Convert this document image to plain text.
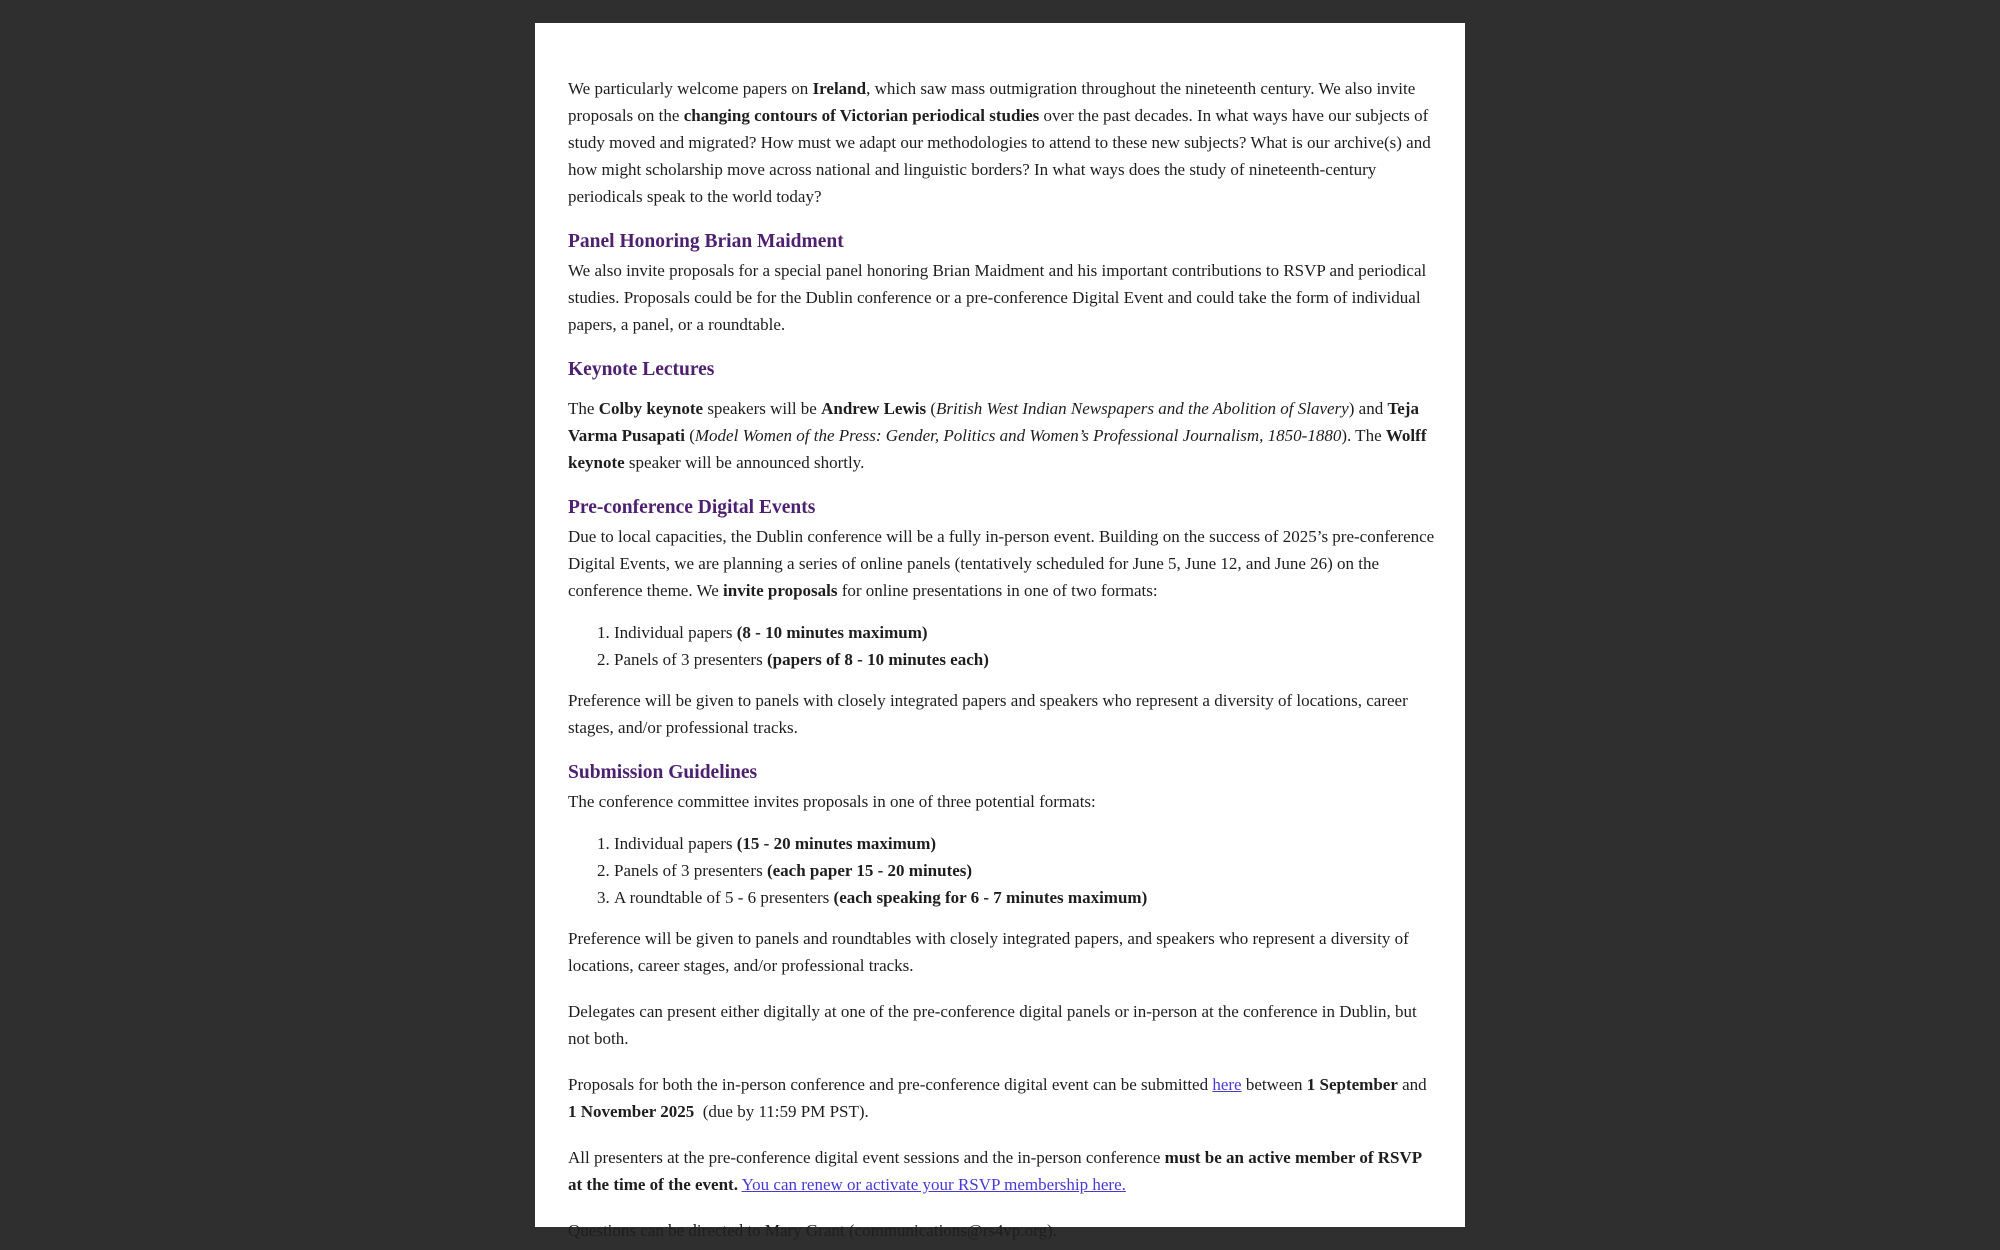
We particularly welcome papers on Ireland, which saw mass outmigration throughout the nineteenth century. We also invite proposals on the changing contours of Victorian periodical studies over the past decades. In what ways have our subjects of study moved and migrated? How must we adapt our methodologies to attend to these new subjects? What is our archive(s) and how might scholarship move across national and linguistic borders? In what ways does the study of nineteenth-century periodicals speak to the world today?

Panel Honoring Brian Maidment

We also invite proposals for a special panel honoring Brian Maidment and his important contributions to RSVP and periodical studies. Proposals could be for the Dublin conference or a pre-conference Digital Event and could take the form of individual papers, a panel, or a roundtable.

Keynote Lectures

The Colby keynote speakers will be Andrew Lewis (British West Indian Newspapers and the Abolition of Slavery) and Teja Varma Pusapati (Model Women of the Press: Gender, Politics and Women’s Professional Journalism, 1850-1880). The Wolff keynote speaker will be announced shortly.

Pre-conference Digital Events

Due to local capacities, the Dublin conference will be a fully in-person event. Building on the success of 2025’s pre-conference Digital Events, we are planning a series of online panels (tentatively scheduled for June 5, June 12, and June 26) on the conference theme. We invite proposals for online presentations in one of two formats:

1. Individual papers (8 - 10 minutes maximum)
2. Panels of 3 presenters (papers of 8 - 10 minutes each)

Preference will be given to panels with closely integrated papers and speakers who represent a diversity of locations, career stages, and/or professional tracks.

Submission Guidelines

The conference committee invites proposals in one of three potential formats:

1. Individual papers (15 - 20 minutes maximum)
2. Panels of 3 presenters (each paper 15 - 20 minutes)
3. A roundtable of 5 - 6 presenters (each speaking for 6 - 7 minutes maximum)

Preference will be given to panels and roundtables with closely integrated papers, and speakers who represent a diversity of locations, career stages, and/or professional tracks.

Delegates can present either digitally at one of the pre-conference digital panels or in-person at the conference in Dublin, but not both.

Proposals for both the in-person conference and pre-conference digital event can be submitted here between 1 September and 1 November 2025  (due by 11:59 PM PST).

All presenters at the pre-conference digital event sessions and the in-person conference must be an active member of RSVP at the time of the event. You can renew or activate your RSVP membership here.

Questions can be directed to Mary Grant (communications@rs4vp.org).
